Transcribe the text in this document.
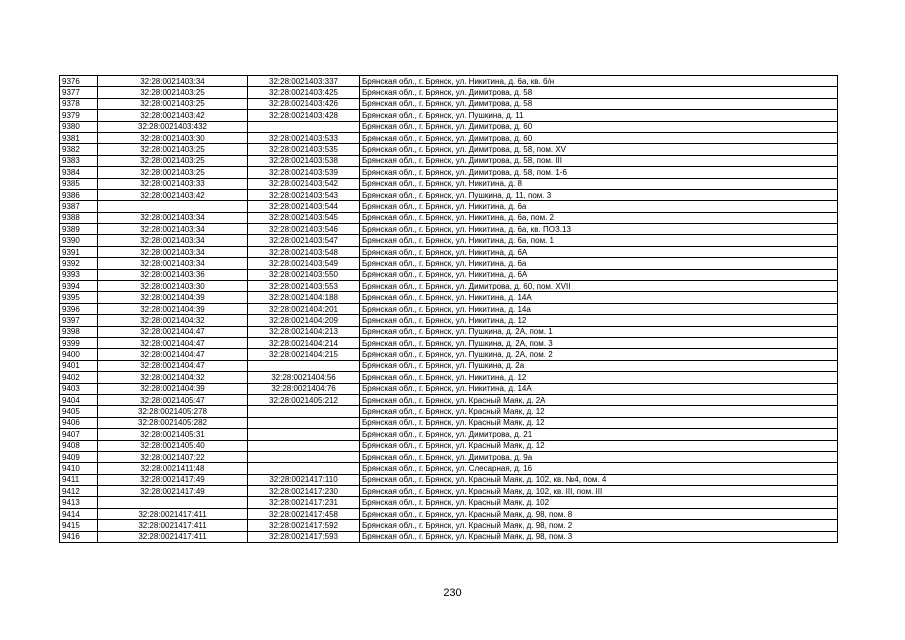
9376	32:28:0021403:34	32:28:0021403:337	Брянская обл., г. Брянск, ул. Никитина, д. 6а, кв. б/н
9377	32:28:0021403:25	32:28:0021403:425	Брянская обл., г. Брянск, ул. Димитрова, д. 58
9378	32:28:0021403:25	32:28:0021403:426	Брянская обл., г. Брянск, ул. Димитрова, д. 58
9379	32:28:0021403:42	32:28:0021403:428	Брянская обл., г. Брянск, ул. Пушкина, д. 11
9380	32:28:0021403:432		Брянская обл., г. Брянск, ул. Димитрова, д. 60
9381	32:28:0021403:30	32:28:0021403:533	Брянская обл., г. Брянск, ул. Димитрова, д. 60
9382	32:28:0021403:25	32:28:0021403:535	Брянская обл., г. Брянск, ул. Димитрова, д. 58, пом. XV
9383	32:28:0021403:25	32:28:0021403:538	Брянская обл., г. Брянск, ул. Димитрова, д. 58, пом. III
9384	32:28:0021403:25	32:28:0021403:539	Брянская обл., г. Брянск, ул. Димитрова, д. 58, пом. 1-6
9385	32:28:0021403:33	32:28:0021403:542	Брянская обл., г. Брянск, ул. Никитина, д. 8
9386	32:28:0021403:42	32:28:0021403:543	Брянская обл., г. Брянск, ул. Пушкина, д. 11, пом. 3
9387		32:28:0021403:544	Брянская обл., г. Брянск, ул. Никитина, д. 6а
9388	32:28:0021403:34	32:28:0021403:545	Брянская обл., г. Брянск, ул. Никитина, д. 6а, пом. 2
9389	32:28:0021403:34	32:28:0021403:546	Брянская обл., г. Брянск, ул. Никитина, д. 6а, кв. ПОЗ.13
9390	32:28:0021403:34	32:28:0021403:547	Брянская обл., г. Брянск, ул. Никитина, д. 6а, пом. 1
9391	32:28:0021403:34	32:28:0021403:548	Брянская обл., г. Брянск, ул. Никитина, д. 6А
9392	32:28:0021403:34	32:28:0021403:549	Брянская обл., г. Брянск, ул. Никитина, д. 6а
9393	32:28:0021403:36	32:28:0021403:550	Брянская обл., г. Брянск, ул. Никитина, д. 6А
9394	32:28:0021403:30	32:28:0021403:553	Брянская обл., г. Брянск, ул. Димитрова, д. 60, пом. XVII
9395	32:28:0021404:39	32:28:0021404:188	Брянская обл., г. Брянск, ул. Никитина, д. 14А
9396	32:28:0021404:39	32:28:0021404:201	Брянская обл., г. Брянск, ул. Никитина, д. 14а
9397	32:28:0021404:32	32:28:0021404:209	Брянская обл., г. Брянск, ул. Никитина, д. 12
9398	32:28:0021404:47	32:28:0021404:213	Брянская обл., г. Брянск, ул. Пушкина, д. 2А, пом. 1
9399	32:28:0021404:47	32:28:0021404:214	Брянская обл., г. Брянск, ул. Пушкина, д. 2А, пом. 3
9400	32:28:0021404:47	32:28:0021404:215	Брянская обл., г. Брянск, ул. Пушкина, д. 2А, пом. 2
9401	32:28:0021404:47		Брянская обл., г. Брянск, ул. Пушкина, д. 2а
9402	32:28:0021404:32	32:28:0021404:56	Брянская обл., г. Брянск, ул. Никитина, д. 12
9403	32:28:0021404:39	32:28:0021404:76	Брянская обл., г. Брянск, ул. Никитина, д. 14А
9404	32:28:0021405:47	32:28:0021405:212	Брянская обл., г. Брянск, ул. Красный Маяк, д. 2А
9405	32:28:0021405:278		Брянская обл., г. Брянск, ул. Красный Маяк, д. 12
9406	32:28:0021405:282		Брянская обл., г. Брянск, ул. Красный Маяк, д. 12
9407	32:28:0021405:31		Брянская обл., г. Брянск, ул. Димитрова, д. 21
9408	32:28:0021405:40		Брянская обл., г. Брянск, ул. Красный Маяк, д. 12
9409	32:28:0021407:22		Брянская обл., г. Брянск, ул. Димитрова, д. 9а
9410	32:28:0021411:48		Брянская обл., г. Брянск, ул. Слесарная, д. 16
9411	32:28:0021417:49	32:28:0021417:110	Брянская обл., г. Брянск, ул. Красный Маяк, д. 102, кв. №4, пом. 4
9412	32:28:0021417:49	32:28:0021417:230	Брянская обл., г. Брянск, ул. Красный Маяк, д. 102, кв. III, пом. III
9413		32:28:0021417:231	Брянская обл., г. Брянск, ул. Красный Маяк, д. 102
9414	32:28:0021417:411	32:28:0021417:458	Брянская обл., г. Брянск, ул. Красный Маяк, д. 98, пом. 8
9415	32:28:0021417:411	32:28:0021417:592	Брянская обл., г. Брянск, ул. Красный Маяк, д. 98, пом. 2
9416	32:28:0021417:411	32:28:0021417:593	Брянская обл., г. Брянск, ул. Красный Маяк, д. 98, пом. 3
230
